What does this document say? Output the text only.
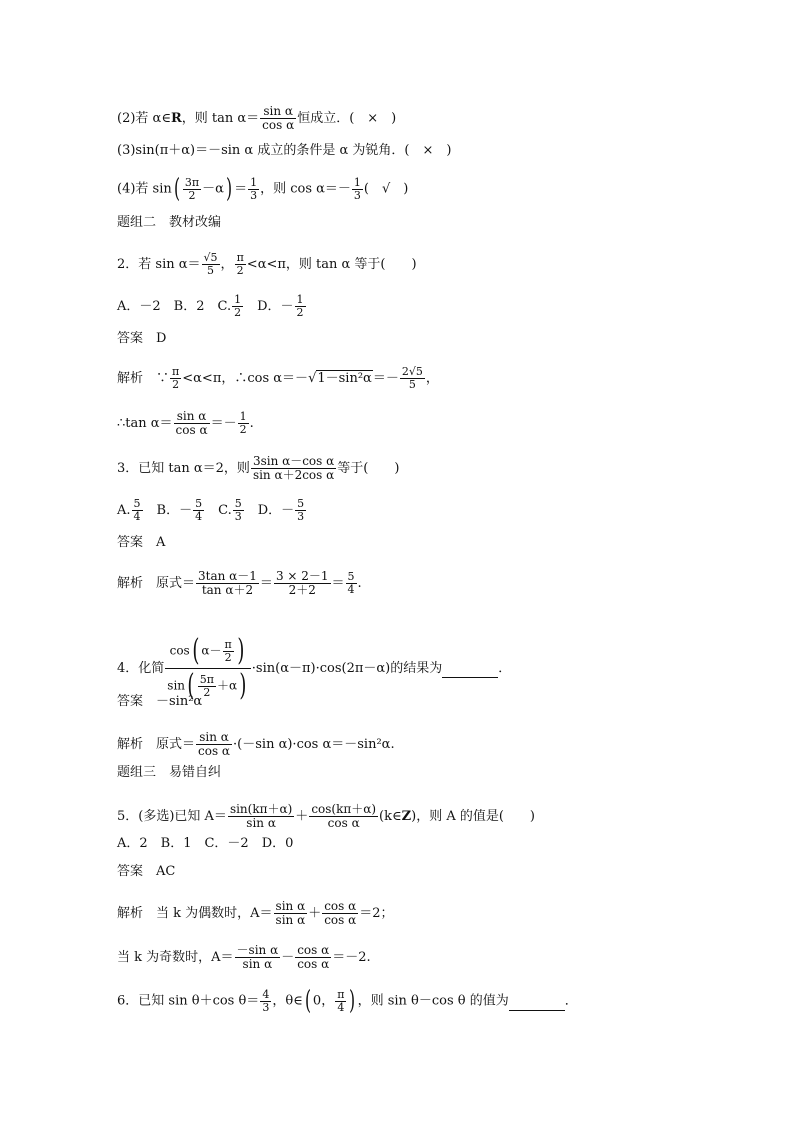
(2)若 α∈R，则 $\tan \alpha= \frac{\text{sin α}}{\text{cos α}}$ 恒成立．(　×　)
(3)sin(π＋α)＝－sin α 成立的条件是 α 为锐角．(　×　)
(4)若 $\sin( \frac{3\pi}{2} -\alpha) = \frac{1}{3}$ ，则 $\cos \alpha=- \frac{1}{3}$ (　√　)
题组二　教材改编
2．若 $\sin \alpha= \frac{√5}{5}$ ， $\frac{\pi}{2} <\alpha<\pi$，则 tan α 等于(　　)
A．－2　B．2　C. $\frac{1}{2}$ 　D．－ $\frac{1}{2}$
答案　D
解析　∵ $\frac{\pi}{2} <\alpha<\pi$，∴cos $\alpha=-√1-\sin^2\alpha=- \frac{2√5}{5}$ ，
∴tan $\alpha= \frac{\text{sin α}}{\text{cos α}} =- \frac{1}{2}$ .
3．已知 tan α＝2，则 $\frac{\text{3sin α－cos α}}{\text{sin α＋2cos α}}$ 等于(　　)
A. $\frac{5}{4}$ 　B．－ $\frac{5}{4}$ 　C. $\frac{5}{3}$ 　D．－ $\frac{5}{3}$
答案　A
解析　原式＝ $\frac{\text{3tan α－1}}{\text{tan α＋2}} = \frac{3 \times 2-1}{2+2} = \frac{5}{4}$ .
4．化简 $\frac{\cos( \alpha- \frac{\pi}{2} )}{\sin( \frac{5\pi}{2} +\alpha)} \cdot\sin(\alpha-\pi)\cdot\cos(2\pi-\alpha)$的结果为	．
答案　－sin²α
解析　原式＝ $\frac{\text{sin α}}{\text{cos α}} \cdot(-\sin$ α)·cos α＝－sin²α.
题组三　易错自纠
5．(多选)已知 $A= \frac{\sin(k\pi+\alpha)}{\text{sin α}} + \frac{\cos(k\pi+\alpha)}{\text{cos α}}$ (k∈Z)，则 A 的值是(　　)
A．2　B．1　C．－2　D．0
答案　AC
解析　当 k 为偶数时，$A= \frac{\text{sin α}}{\text{sin α}} + \frac{\text{cos α}}{\text{cos α}} =2$；
当 k 为奇数时，$A= \frac{\text{－sin α}}{\text{sin α}} - \frac{\text{cos α}}{\text{cos α}} =-2$.
6．已知 sin θ＋cos $\theta= \frac{4}{3}$ ，θ∈( 0， $\frac{\pi}{4}$ ) ，则 sin θ－cos θ 的值为	．
